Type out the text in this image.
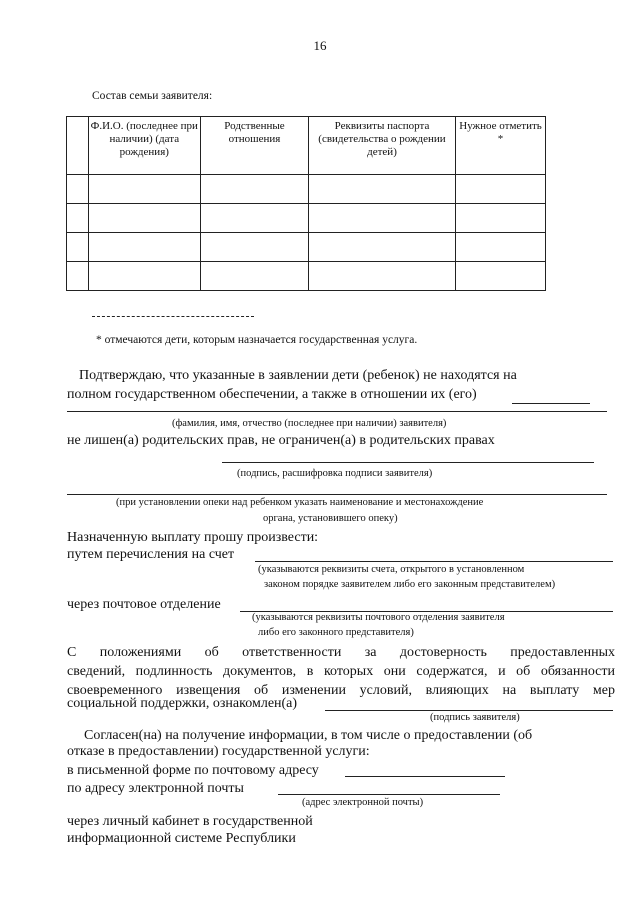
16
Состав семьи заявителя:
	Ф.И.О. (последнее при наличии) (дата рождения)	Родственные отношения	Реквизиты паспорта (свидетельства о рождении детей)	Нужное отметить *

* отмечаются дети, которым назначается государственная услуга.
Подтверждаю, что указанные в заявлении дети (ребенок) не находятся на
полном государственном обеспечении, а также в отношении их (его)
(фамилия, имя, отчество (последнее при наличии) заявителя)
не лишен(а) родительских прав, не ограничен(а) в родительских правах
(подпись, расшифровка подписи заявителя)
(при установлении опеки над ребенком указать наименование и местонахождение
органа, установившего опеку)
Назначенную выплату прошу произвести:
путем перечисления на счет
(указываются реквизиты счета, открытого в установленном
законом порядке заявителем либо его законным представителем)
через почтовое отделение
(указываются реквизиты почтового отделения заявителя
либо его законного представителя)
С положениями об ответственности за достоверность предоставленных
сведений, подлинность документов, в которых они содержатся, и об обязанности
своевременного извещения об изменении условий, влияющих на выплату мер
социальной поддержки, ознакомлен(а)
(подпись заявителя)
Согласен(на) на получение информации, в том числе о предоставлении (об
отказе в предоставлении) государственной услуги:
в письменной форме по почтовому адресу
по адресу электронной почты
(адрес электронной почты)
через личный кабинет в государственной
информационной системе Республики
